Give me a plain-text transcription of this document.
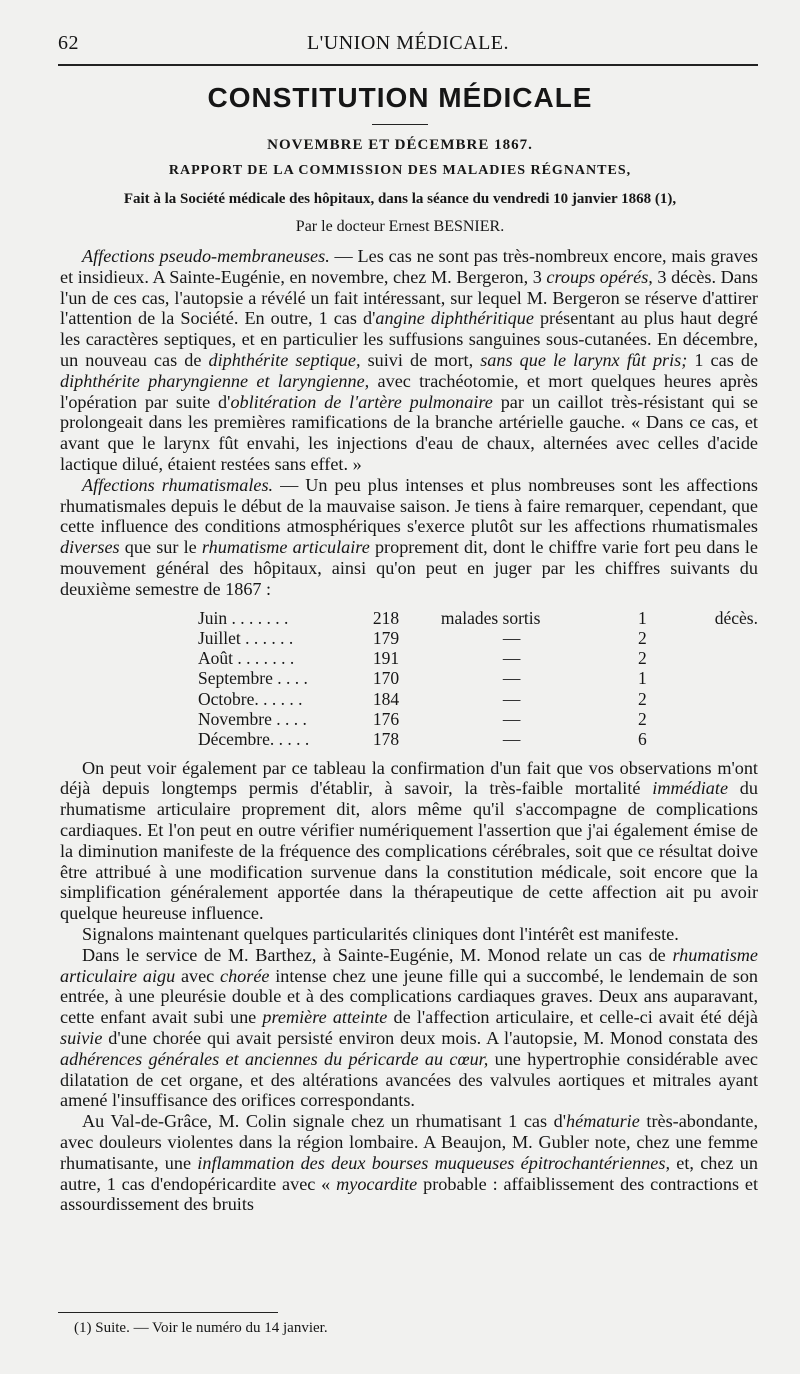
62	L'UNION MÉDICALE.
CONSTITUTION MÉDICALE
NOVEMBRE ET DÉCEMBRE 1867.
RAPPORT DE LA COMMISSION DES MALADIES RÉGNANTES,
Fait à la Société médicale des hôpitaux, dans la séance du vendredi 10 janvier 1868 (1),
Par le docteur Ernest BESNIER.

Affections pseudo-membraneuses. — Les cas ne sont pas très-nombreux encore, mais graves et insidieux. A Sainte-Eugénie, en novembre, chez M. Bergeron, 3 croups opérés, 3 décès. Dans l'un de ces cas, l'autopsie a révélé un fait intéressant, sur lequel M. Bergeron se réserve d'attirer l'attention de la Société. En outre, 1 cas d'angine diphthéritique présentant au plus haut degré les caractères septiques, et en particulier les suffusions sanguines sous-cutanées. En décembre, un nouveau cas de diphthérite septique, suivi de mort, sans que le larynx fût pris; 1 cas de diphthérite pharyngienne et laryngienne, avec trachéotomie, et mort quelques heures après l'opération par suite d'oblitération de l'artère pulmonaire par un caillot très-résistant qui se prolongeait dans les premières ramifications de la branche artérielle gauche. « Dans ce cas, et avant que le larynx fût envahi, les injections d'eau de chaux, alternées avec celles d'acide lactique dilué, étaient restées sans effet. »

Affections rhumatismales. — Un peu plus intenses et plus nombreuses sont les affections rhumatismales depuis le début de la mauvaise saison. Je tiens à faire remarquer, cependant, que cette influence des conditions atmosphériques s'exerce plutôt sur les affections rhumatismales diverses que sur le rhumatisme articulaire proprement dit, dont le chiffre varie fort peu dans le mouvement général des hôpitaux, ainsi qu'on peut en juger par les chiffres suivants du deuxième semestre de 1867 :

Juin . . . . . . .	218	malades sortis	1	décès.
Juillet . . . . . .	179	—	2	
Août . . . . . . .	191	—	2	
Septembre . . . .	170	—	1	
Octobre. . . . . .	184	—	2	
Novembre . . . .	176	—	2	
Décembre. . . . .	178	—	6	

On peut voir également par ce tableau la confirmation d'un fait que vos observations m'ont déjà depuis longtemps permis d'établir, à savoir, la très-faible mortalité immédiate du rhumatisme articulaire proprement dit, alors même qu'il s'accompagne de complications cardiaques. Et l'on peut en outre vérifier numériquement l'assertion que j'ai également émise de la diminution manifeste de la fréquence des complications cérébrales, soit que ce résultat doive être attribué à une modification survenue dans la constitution médicale, soit encore que la simplification généralement apportée dans la thérapeutique de cette affection ait pu avoir quelque heureuse influence.

Signalons maintenant quelques particularités cliniques dont l'intérêt est manifeste.

Dans le service de M. Barthez, à Sainte-Eugénie, M. Monod relate un cas de rhumatisme articulaire aigu avec chorée intense chez une jeune fille qui a succombé, le lendemain de son entrée, à une pleurésie double et à des complications cardiaques graves. Deux ans auparavant, cette enfant avait subi une première atteinte de l'affection articulaire, et celle-ci avait été déjà suivie d'une chorée qui avait persisté environ deux mois. A l'autopsie, M. Monod constata des adhérences générales et anciennes du péricarde au cœur, une hypertrophie considérable avec dilatation de cet organe, et des altérations avancées des valvules aortiques et mitrales ayant amené l'insuffisance des orifices correspondants.

Au Val-de-Grâce, M. Colin signale chez un rhumatisant 1 cas d'hématurie très-abondante, avec douleurs violentes dans la région lombaire. A Beaujon, M. Gubler note, chez une femme rhumatisante, une inflammation des deux bourses muqueuses épitrochantériennes, et, chez un autre, 1 cas d'endopéricardite avec « myocardite probable : affaiblissement des contractions et assourdissement des bruits

(1) Suite. — Voir le numéro du 14 janvier.
